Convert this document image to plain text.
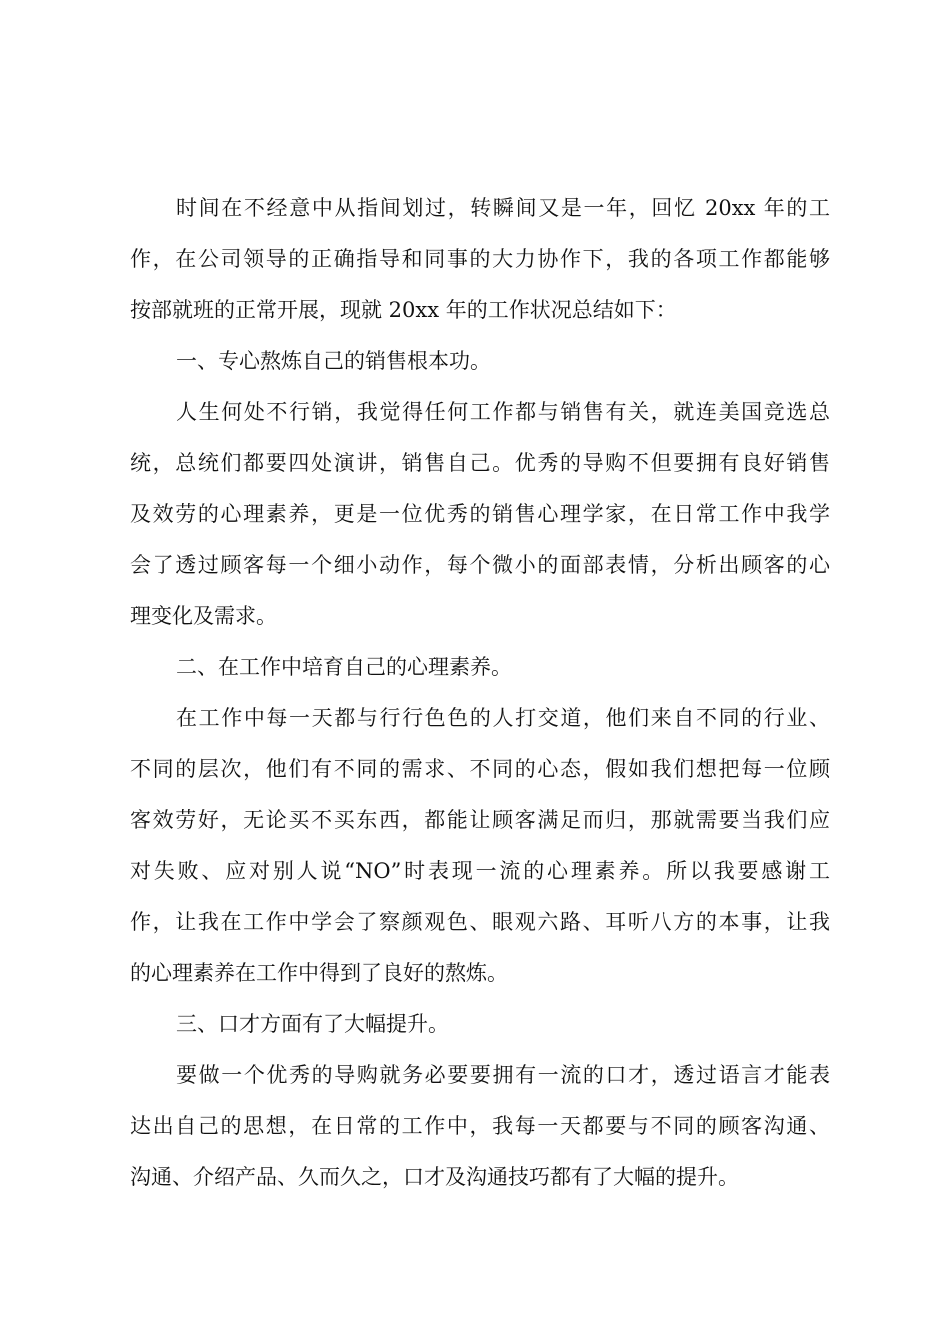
时间在不经意中从指间划过，转瞬间又是一年，回忆 20xx 年的工
作，在公司领导的正确指导和同事的大力协作下，我的各项工作都能够
按部就班的正常开展，现就 20xx 年的工作状况总结如下：
一、专心熬炼自己的销售根本功。
人生何处不行销，我觉得任何工作都与销售有关，就连美国竞选总
统，总统们都要四处演讲，销售自己。优秀的导购不但要拥有良好销售
及效劳的心理素养，更是一位优秀的销售心理学家，在日常工作中我学
会了透过顾客每一个细小动作，每个微小的面部表情，分析出顾客的心
理变化及需求。
二、在工作中培育自己的心理素养。
在工作中每一天都与行行色色的人打交道，他们来自不同的行业、
不同的层次，他们有不同的需求、不同的心态，假如我们想把每一位顾
客效劳好，无论买不买东西，都能让顾客满足而归，那就需要当我们应
对失败、应对别人说“NO”时表现一流的心理素养。所以我要感谢工
作，让我在工作中学会了察颜观色、眼观六路、耳听八方的本事，让我
的心理素养在工作中得到了良好的熬炼。
三、口才方面有了大幅提升。
要做一个优秀的导购就务必要要拥有一流的口才，透过语言才能表
达出自己的思想，在日常的工作中，我每一天都要与不同的顾客沟通、
沟通、介绍产品、久而久之，口才及沟通技巧都有了大幅的提升。
